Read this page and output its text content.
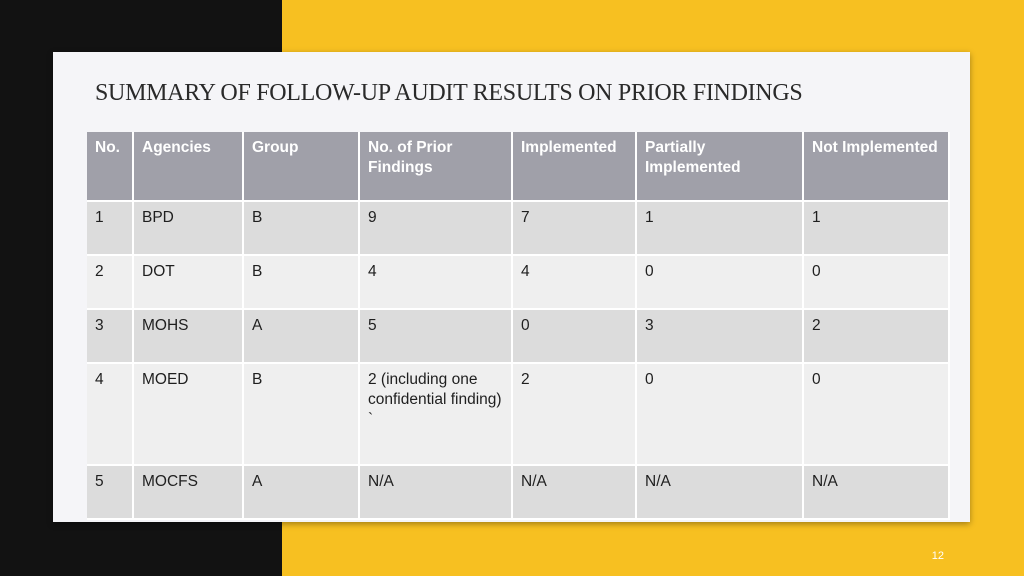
SUMMARY OF FOLLOW-UP AUDIT RESULTS ON PRIOR FINDINGS
No.	Agencies	Group	No. of Prior Findings	Implemented	Partially Implemented	Not Implemented
1	BPD	B	9	7	1	1
2	DOT	B	4	4	0	0
3	MOHS	A	5	0	3	2
4	MOED	B	2 (including one confidential finding) `	2	0	0
5	MOCFS	A	N/A	N/A	N/A	N/A
12
